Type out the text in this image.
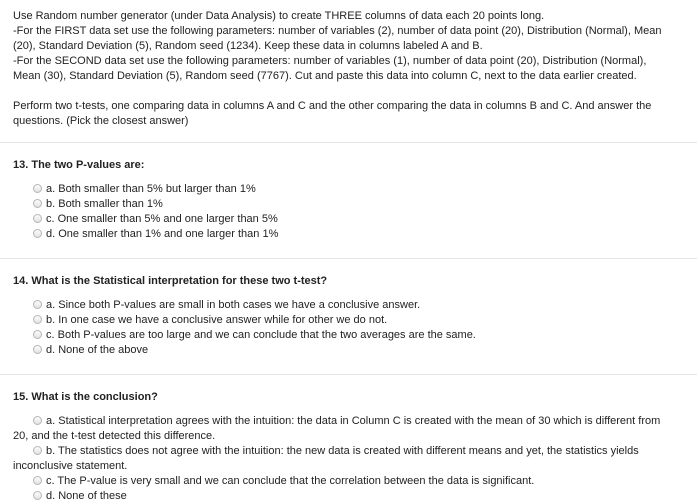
Use Random number generator (under Data Analysis) to create THREE columns of data each 20 points long.

-For the FIRST data set use the following parameters: number of variables (2), number of data point (20), Distribution (Normal), Mean

(20), Standard Deviation (5), Random seed (1234). Keep these data in columns labeled A and B.

-For the SECOND data set use the following parameters: number of variables (1), number of data point (20), Distribution (Normal),

Mean (30), Standard Deviation (5), Random seed (7767). Cut and paste this data into column C, next to the data earlier created.

Perform two t-tests, one comparing data in columns A and C and the other comparing the data in columns B and C. And answer the

questions. (Pick the closest answer)

13. The two P-values are:

a. Both smaller than 5% but larger than 1%
b. Both smaller than 1%
c. One smaller than 5% and one larger than 5%
d. One smaller than 1% and one larger than 1%

14. What is the Statistical interpretation for these two t-test?

a. Since both P-values are small in both cases we have a conclusive answer.
b. In one case we have a conclusive answer while for other we do not.
c. Both P-values are too large and we can conclude that the two averages are the same.
d. None of the above

15. What is the conclusion?

a. Statistical interpretation agrees with the intuition: the data in Column C is created with the mean of 30 which is different from
20, and the t-test detected this difference.
b. The statistics does not agree with the intuition: the new data is created with different means and yet, the statistics yields
inconclusive statement.
c. The P-value is very small and we can conclude that the correlation between the data is significant.
d. None of these
